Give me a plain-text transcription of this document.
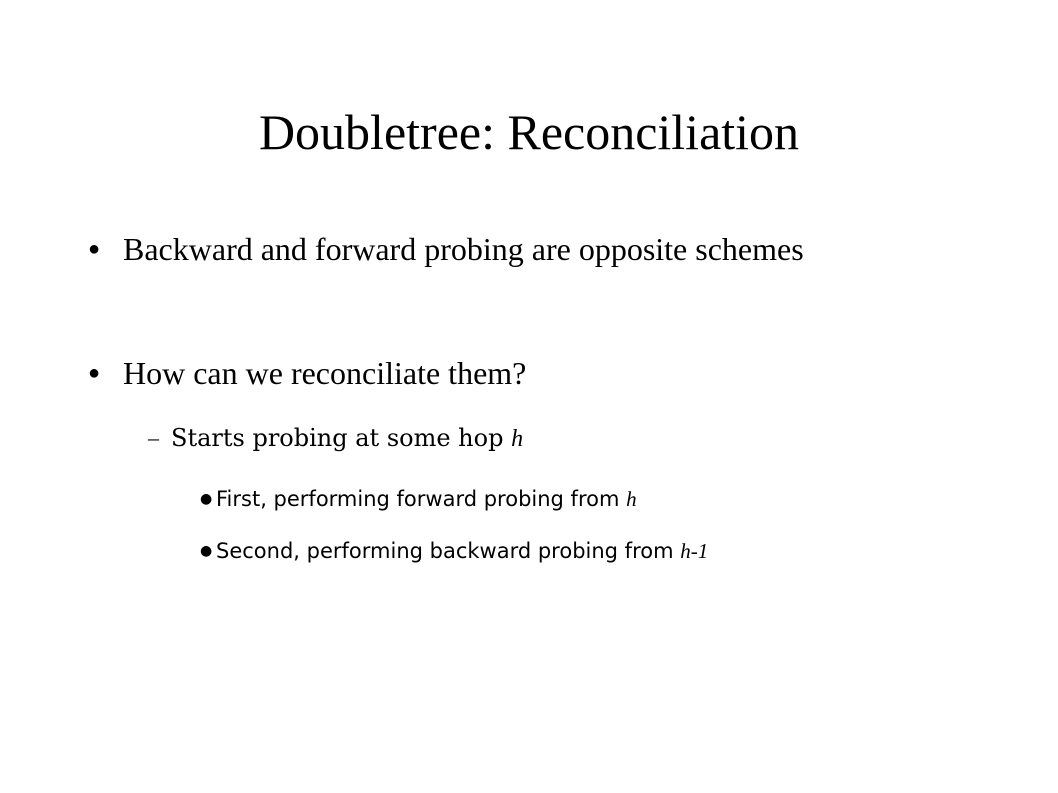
Doubletree: Reconciliation
● Backward and forward probing are opposite schemes
● How can we reconciliate them?
– Starts probing at some hop h
● First, performing forward probing from h
● Second, performing backward probing from h-1
